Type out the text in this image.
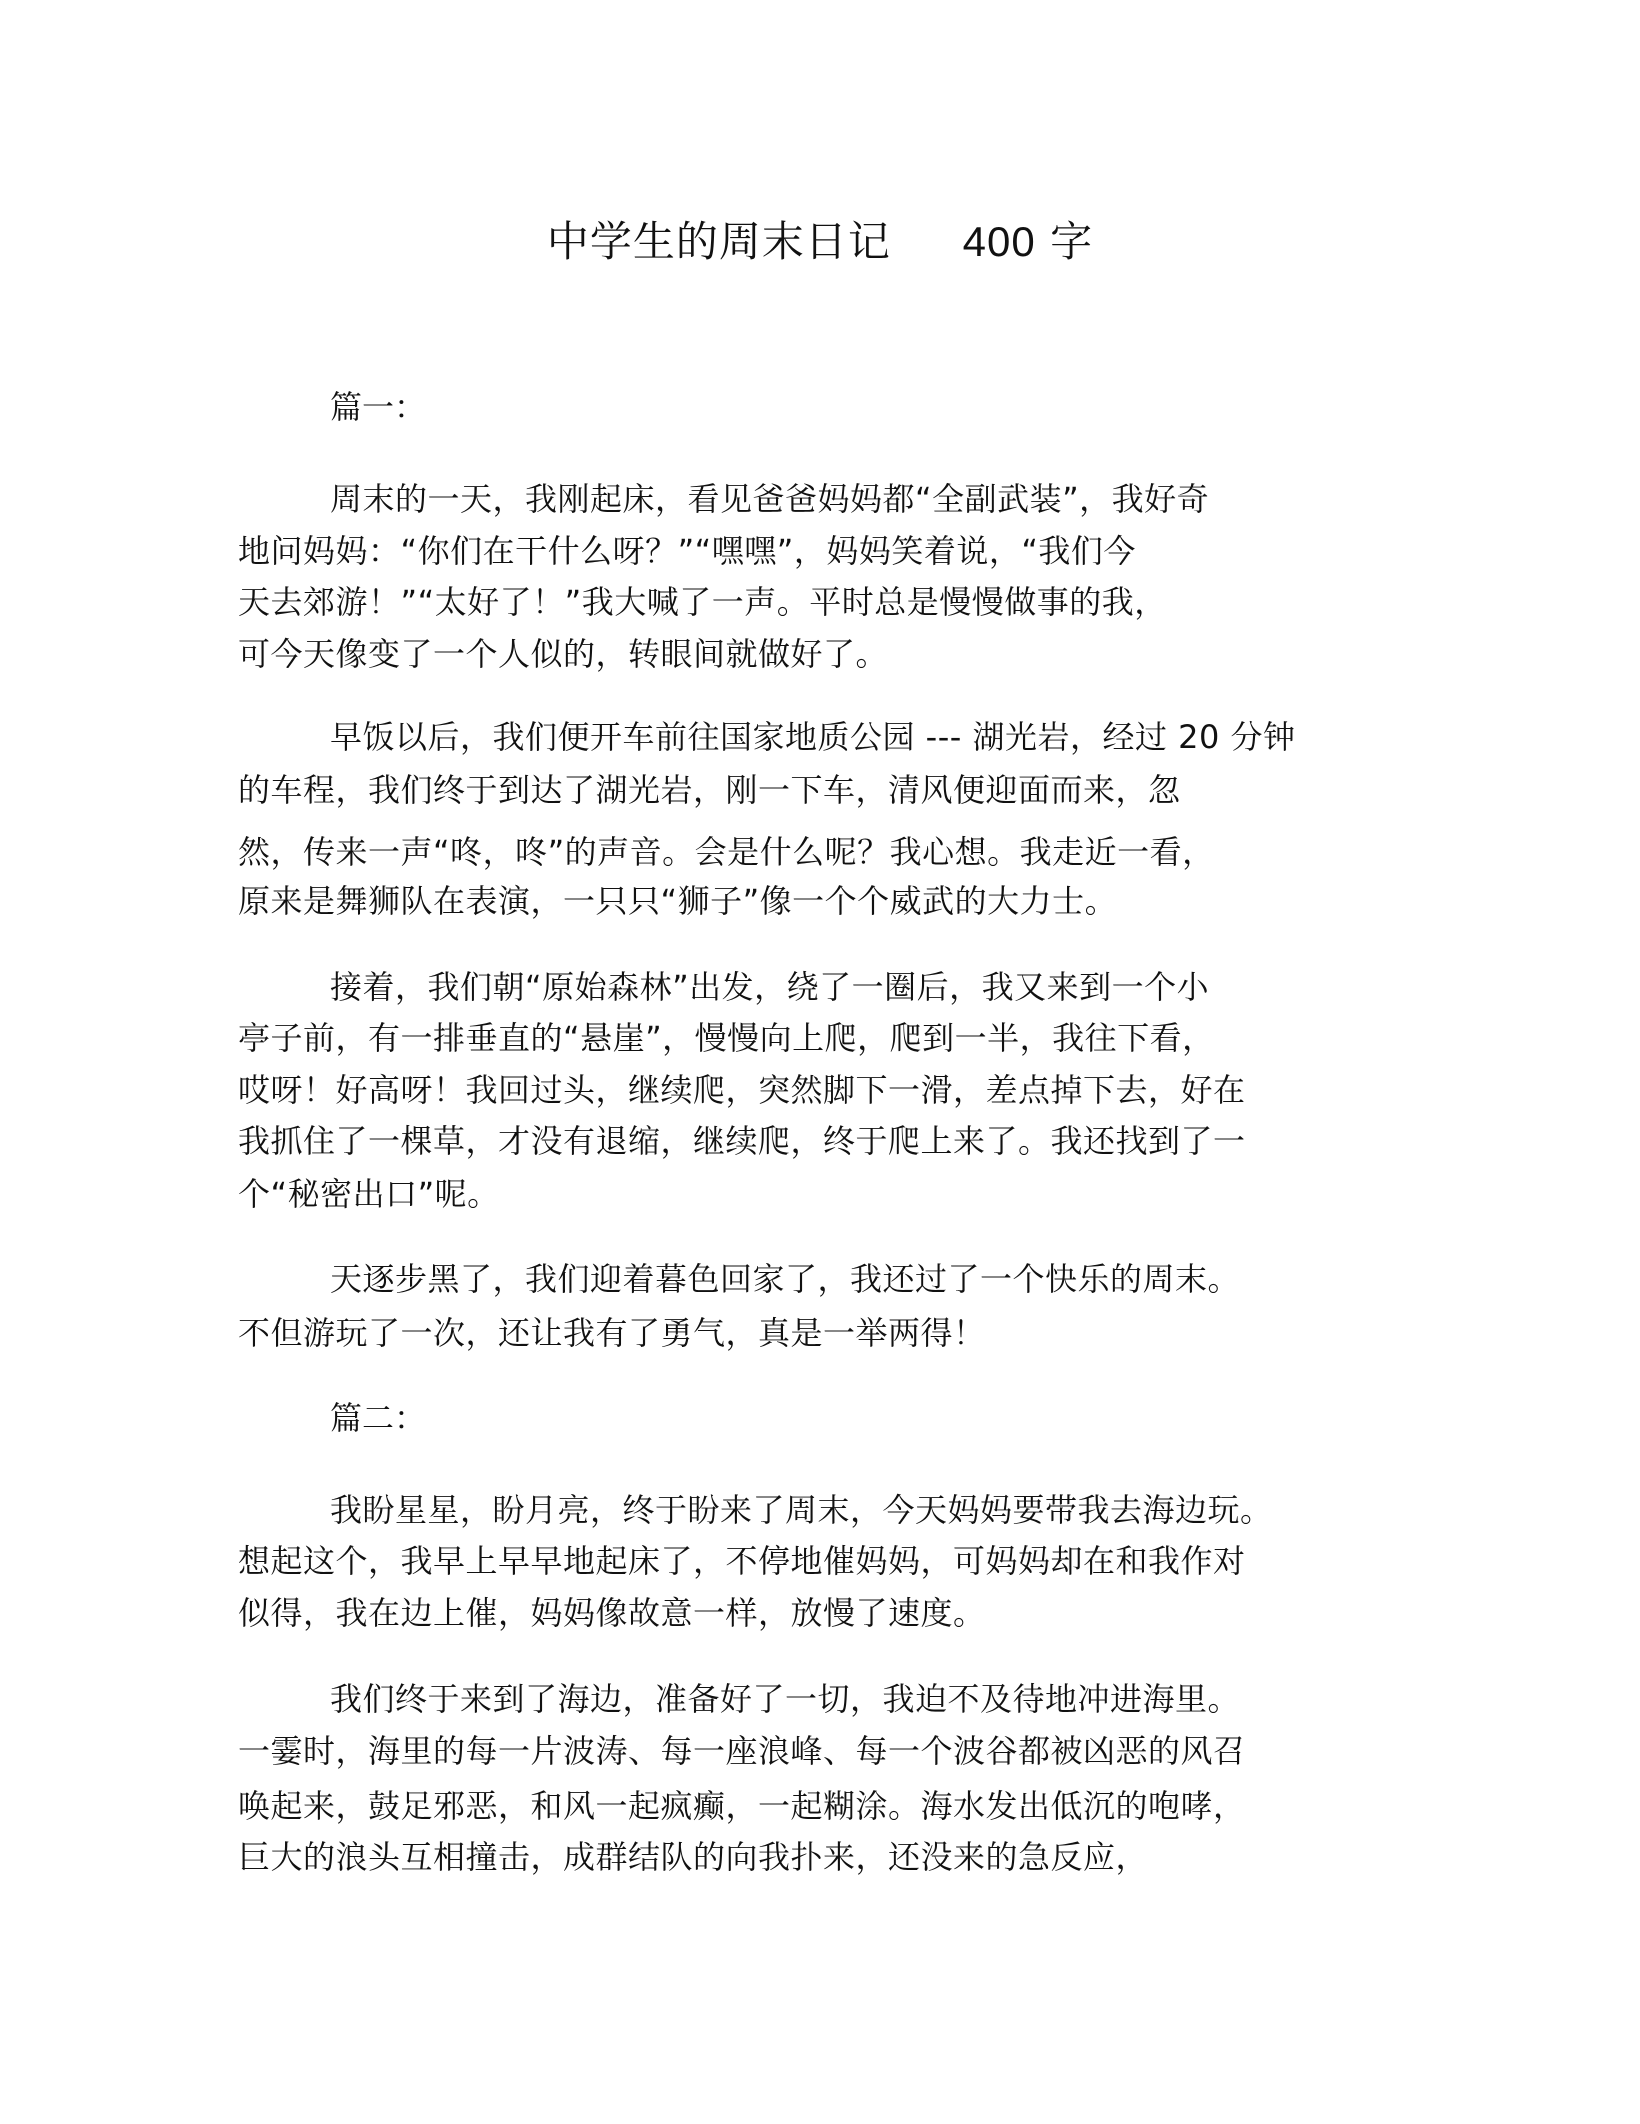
中学生的周末日记 400 字
篇一：
周末的一天，我刚起床，看见爸爸妈妈都“全副武装”，我好奇
地问妈妈：“你们在干什么呀？”“嘿嘿”，妈妈笑着说，“我们今
天去郊游！”“太好了！”我大喊了一声。平时总是慢慢做事的我，
可今天像变了一个人似的，转眼间就做好了。
早饭以后，我们便开车前往国家地质公园 --- 湖光岩，经过 20 分钟
的车程，我们终于到达了湖光岩，刚一下车，清风便迎面而来，忽
然，传来一声“咚，咚”的声音。会是什么呢？我心想。我走近一看，
原来是舞狮队在表演，一只只“狮子”像一个个威武的大力士。
接着，我们朝“原始森林”出发，绕了一圈后，我又来到一个小
亭子前，有一排垂直的“悬崖”，慢慢向上爬，爬到一半，我往下看，
哎呀！好高呀！我回过头，继续爬，突然脚下一滑，差点掉下去，好在
我抓住了一棵草，才没有退缩，继续爬，终于爬上来了。我还找到了一
个“秘密出口”呢。
天逐步黑了，我们迎着暮色回家了，我还过了一个快乐的周末。
不但游玩了一次，还让我有了勇气，真是一举两得！
篇二：
我盼星星，盼月亮，终于盼来了周末，今天妈妈要带我去海边玩。
想起这个，我早上早早地起床了，不停地催妈妈，可妈妈却在和我作对
似得，我在边上催，妈妈像故意一样，放慢了速度。
我们终于来到了海边，准备好了一切，我迫不及待地冲进海里。
一霎时，海里的每一片波涛、每一座浪峰、每一个波谷都被凶恶的风召
唤起来，鼓足邪恶，和风一起疯癫，一起糊涂。海水发出低沉的咆哮，
巨大的浪头互相撞击，成群结队的向我扑来，还没来的急反应，
